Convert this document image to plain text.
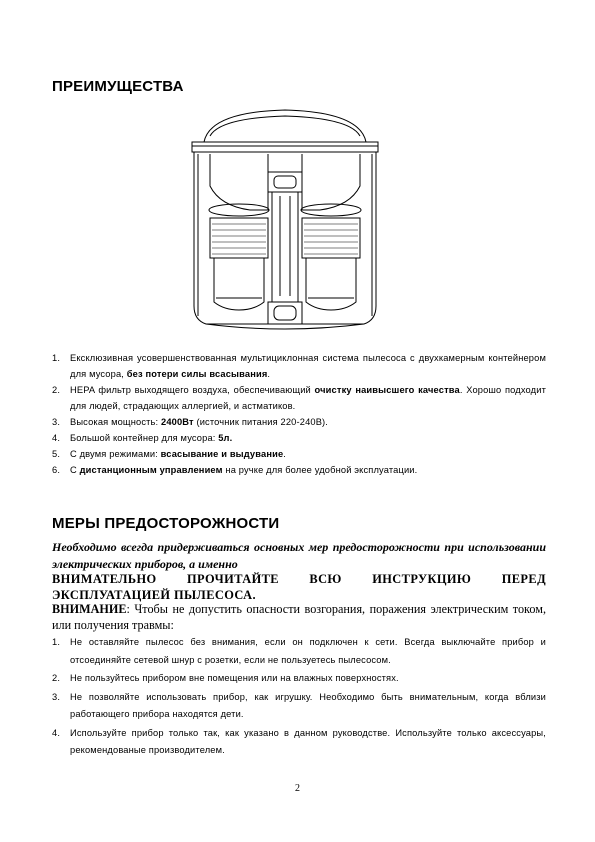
ПРЕИМУЩЕСТВА
1. Ексклюзивная усовершенствованная мультициклонная система пылесоса с двухкамерным контейнером для мусора, без потери силы всасывания.
2. HEPA фильтр выходящего воздуха, обеспечивающий очистку наивысшего качества. Хорошо подходит для людей, страдающих аллергией, и астматиков.
3. Высокая мощность: 2400Вт (источник питания 220-240В).
4. Большой контейнер для мусора: 5л.
5. С двумя режимами: всасывание и выдувание.
6. С дистанционным управлением на ручке для более удобной эксплуатации.
МЕРЫ ПРЕДОСТОРОЖНОСТИ
Необходимо всегда придерживаться основных мер предосторожности при использовании электрических приборов, а именно
ВНИМАТЕЛЬНО ПРОЧИТАЙТЕ ВСЮ ИНСТРУКЦИЮ ПЕРЕД ЭКСПЛУАТАЦИЕЙ ПЫЛЕСОСА.
ВНИМАНИЕ: Чтобы не допустить опасности возгорания, поражения электрическим током, или получения травмы:
1. Не оставляйте пылесос без внимания, если он подключен к сети. Всегда выключайте прибор и отсоединяйте сетевой шнур с розетки, если не пользуетесь пылесосом.
2. Не пользуйтесь прибором вне помещения или на влажных поверхностях.
3. Не позволяйте использовать прибор, как игрушку. Необходимо быть внимательным, когда вблизи работающего прибора находятся дети.
4. Используйте прибор только так, как указано в данном руководстве. Используйте только аксессуары, рекомендованые производителем.
2
